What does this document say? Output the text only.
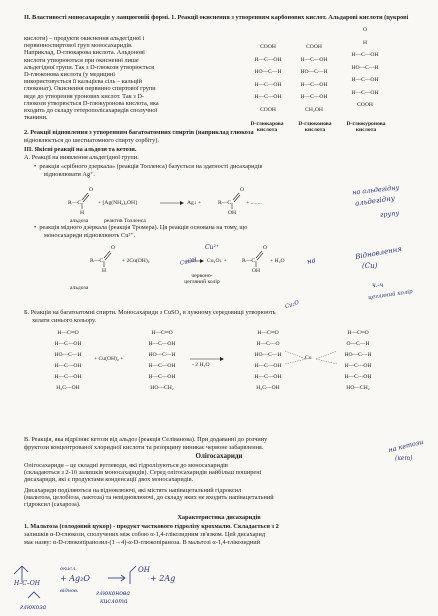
II. Властивості моносахаридів у ланцюговій формі. 1. Реакції окиснення з утворенням карбонових кислот. Альдарові кислоти (цукрові

кислоти) – продукти окиснення альдегідної і
первинноспиртової груп моносахаридів.
Наприклад, D-глюкарова кислота. Альдонові
кислоти утворюються при окисненні лише
альдегідної групи. Так з D-глюкози утворюється
D-глюконова кислота (у медицині
використовується її кальцієва сіль – кальцій
глюконат). Окиснення первинно спиртової групи
веде до утворення уронових кислот. Так з D-
глюкози утворюється D-глюкуронова кислота, яка
входить до складу гетерополісахаридів сполучної
тканини.
COOH
H—C—OH
HO—C—H
H—C—OH
H—C—OH
COOH
COOH
H—C—OH
HO—C—H
H—C—OH
H—C—OH
CH₂OH
O
H
H—C—OH
HO—C—H
H—C—OH
H—C—OH
COOH
D-глюкарова кислота
D-глюконова кислота
D-глюкуронова кислота

2. Реакції відновлення з утворенням багатоатомних спиртів (наприклад глюкоза

відновлюється до шестиатомного спирту сорбіту).

III. Якісні реакції на альдози та кетози.

А. Реакції на виявлення альдегідної групи.

•  реакція «срібного дзеркала» (реакція Толленса) базується на здатності дисахаридів

відновлювати Ag⁺.

O
H
R—C	+ [Ag(NH₃)₂OH]	Ag↓ +	R—C
O
OH
+ ........
альдоза	реактив Толленса

•  реакція мідного дзеркала (реакція Тромера). Ця реакція основана на тому, що

моносахариди відновлюють Cu²⁺.

O
H
R—C	+ 2Cu(OH)₂	Cu₂O↓ +	R—C
O
OH
+ H₂O
альдоза
червоно-цегляний колір

Б. Реакція на багатоатомні спирти. Моносахариди з CuSO₄ в лужному середовищі утворюють

хелати синього кольору.

H—C═O
H—C—OH
HO—C—H
H—C—OH
H—C—OH
H₂C—OH
+ Cu(OH)₂ +
H—C═O
H—C—OH
HO—C—H
H—C—OH
H—C—OH
HO—CH₂
- 2 H₂O
H—C═O
H—C—O
HO—C—H
H—C—OH
H—C—OH
H₂C—OH
Cu
H—C═O
O—C—H
HO—C—H
H—C—OH
H—C—OH
HO—CH₂

В. Реакція, яка відрізняє кетози від альдоз (реакція Селіванова). При додаванні до розчину

фруктози концентрованої хлоридної кислоти та резорцину виникає червоне забарвлення.

Олігосахариди

Олігосахариди – це складні вуглеводи, які гідролізуються до моносахаридів
(складаються з 2-10 залишків моносахаридів). Серед олігосахаридів найбільш поширені
дисахариди, які є продуктами конденсації двох моносахаридів.
Дисахариди поділяються на відновлюючі, які містять напівацетальний гідроксил
(мальтоза, целобіоза, лактоза) та невідновлюючі, до складу яких не входить напівацетальний
гідроксил (сахароза).

Характеристика дисахаридів

1. Мальтоза (солодовий цукор) - продукт часткового гідролізу крохмалю. Складається з 2

залишків α-D-глюкози, сполучених між собою α-1,4-глікозидним зв'язком. Цей дисахарид

має назву: α-D-глюкопіранозил-(1→4)-α-D-глюкопіраноза. В мальтозі α-1,4-глікозидний

на альдегідну
альдегідну
групу
Cu²⁺	Відновлення
(Cu)
на
CuOH
ч.-ч
цегляний колір
Cu₂O
на кетози
(кет)
H–C–OH
+ Ag₂O
OH
+ 2Ag
глюконова
кислота
глюкоза
окисл.
віднов.
